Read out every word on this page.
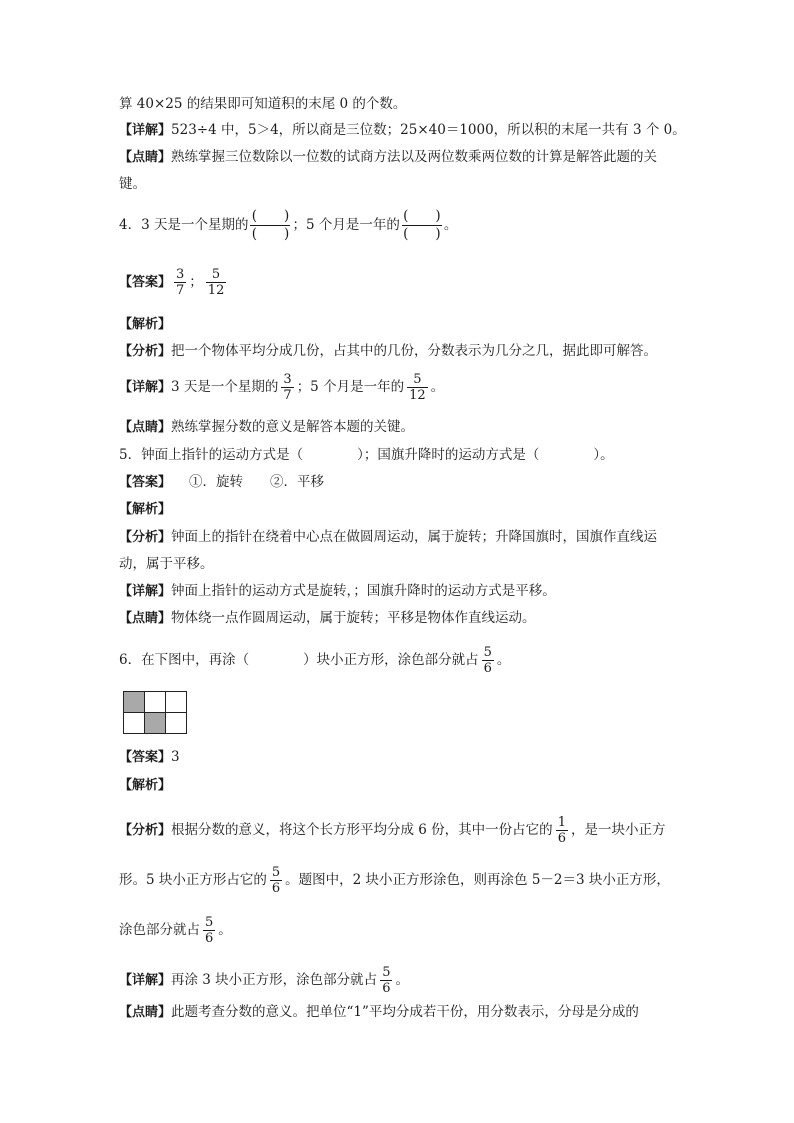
算 40×25 的结果即可知道积的末尾 0 的个数。
【详解】523÷4 中，5＞4，所以商是三位数；25×40＝1000，所以积的末尾一共有 3 个 0。
【点睛】熟练掌握三位数除以一位数的试商方法以及两位数乘两位数的计算是解答此题的关
键。
4．3 天是一个星期的 $\frac{( )}{( )}$ ；5 个月是一年的 $\frac{( )}{( )}$ 。
【答案】 $\frac{3}{7}$ ； $\frac{5}{12}$
【解析】
【分析】把一个物体平均分成几份，占其中的几份，分数表示为几分之几，据此即可解答。
【详解】3 天是一个星期的 $\frac{3}{7}$ ；5 个月是一年的 $\frac{5}{12}$ 。
【点睛】熟练掌握分数的意义是解答本题的关键。
5．钟面上指针的运动方式是（　　　　）；国旗升降时的运动方式是（　　　　）。
【答案】 ①．旋转　　②．平移
【解析】
【分析】钟面上的指针在绕着中心点在做圆周运动，属于旋转；升降国旗时，国旗作直线运
动，属于平移。
【详解】钟面上指针的运动方式是旋转，；国旗升降时的运动方式是平移。
【点睛】物体绕一点作圆周运动，属于旋转；平移是物体作直线运动。
6．在下图中，再涂（　　　　）块小正方形，涂色部分就占 $\frac{5}{6}$ 。

【答案】3
【解析】
【分析】根据分数的意义，将这个长方形平均分成 6 份，其中一份占它的 $\frac{1}{6}$ ，是一块小正方
形。5 块小正方形占它的 $\frac{5}{6}$ 。题图中，2 块小正方形涂色，则再涂色 5－2＝3 块小正方形，
涂色部分就占 $\frac{5}{6}$ 。
【详解】再涂 3 块小正方形，涂色部分就占 $\frac{5}{6}$ 。
【点睛】此题考查分数的意义。把单位“1”平均分成若干份，用分数表示，分母是分成的
